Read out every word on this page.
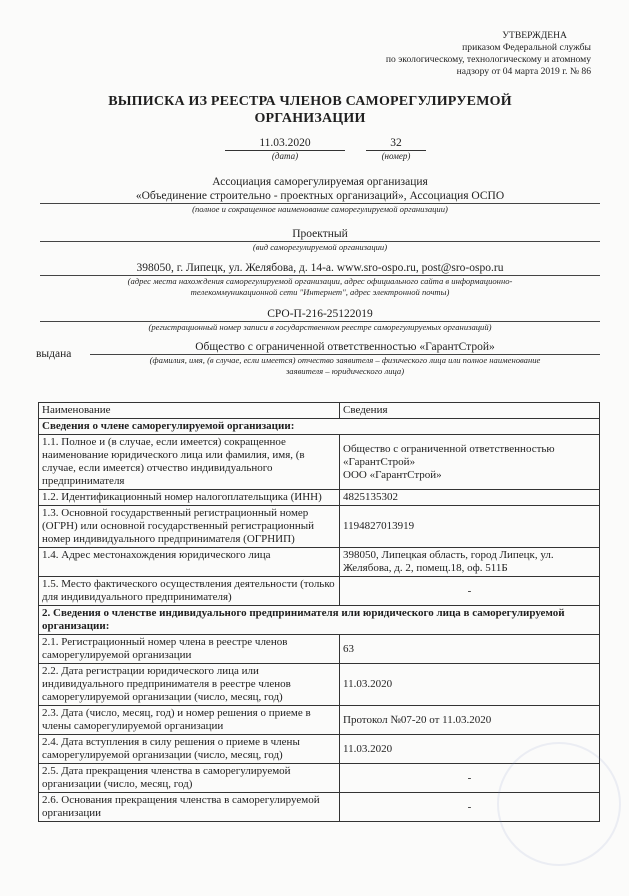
УТВЕРЖДЕНА
приказом Федеральной службы
по экологическому, технологическому и атомному
надзору от 04 марта 2019 г. № 86
ВЫПИСКА ИЗ РЕЕСТРА ЧЛЕНОВ САМОРЕГУЛИРУЕМОЙ
ОРГАНИЗАЦИИ
11.03.2020
(дата)
32
(номер)
Ассоциация саморегулируемая организация
«Объединение строительно - проектных организаций», Ассоциация ОСПО
(полное и сокращенное наименование саморегулируемой организации)
Проектный
(вид саморегулируемой организации)
398050, г. Липецк, ул. Желябова, д. 14-а. www.sro-ospo.ru, post@sro-ospo.ru
(адрес места нахождения саморегулируемой организации, адрес официального сайта в информационно-
телекоммуникационной сети "Интернет", адрес электронной почты)
СРО-П-216-25122019
(регистрационный номер записи в государственном реестре саморегулируемых организаций)
выдана
Общество с ограниченной ответственностью «ГарантСтрой»
(фамилия, имя, (в случае, если имеется) отчество заявителя – физического лица или полное наименование
заявителя – юридического лица)
Наименование	Сведения
Сведения о члене саморегулируемой организации:	
1.1. Полное и (в случае, если имеется) сокращенное наименование юридического лица или фамилия, имя, (в случае, если имеется) отчество индивидуального предпринимателя	Общество с ограниченной ответственностью «ГарантСтрой»
ООО «ГарантСтрой»

1.2. Идентификационный номер налогоплательщика (ИНН)	4825135302
1.3. Основной государственный регистрационный номер (ОГРН) или основной государственный регистрационный номер индивидуального предпринимателя (ОГРНИП)	1194827013919
1.4. Адрес местонахождения юридического лица	398050, Липецкая область, город Липецк, ул. Желябова, д. 2, помещ.18, оф. 511Б
1.5. Место фактического осуществления деятельности (только для индивидуального предпринимателя)	-
2. Сведения о членстве индивидуального предпринимателя или юридического лица в саморегулируемой организации:	
2.1. Регистрационный номер члена в реестре членов саморегулируемой организации	63
2.2. Дата регистрации юридического лица или индивидуального предпринимателя в реестре членов саморегулируемой организации (число, месяц, год)	11.03.2020
2.3. Дата (число, месяц, год) и номер решения о приеме в члены саморегулируемой организации	Протокол №07-20 от 11.03.2020
2.4. Дата вступления в силу решения о приеме в члены саморегулируемой организации (число, месяц, год)	11.03.2020
2.5. Дата прекращения членства в саморегулируемой организации (число, месяц, год)	-
2.6. Основания прекращения членства в саморегулируемой организации	-
